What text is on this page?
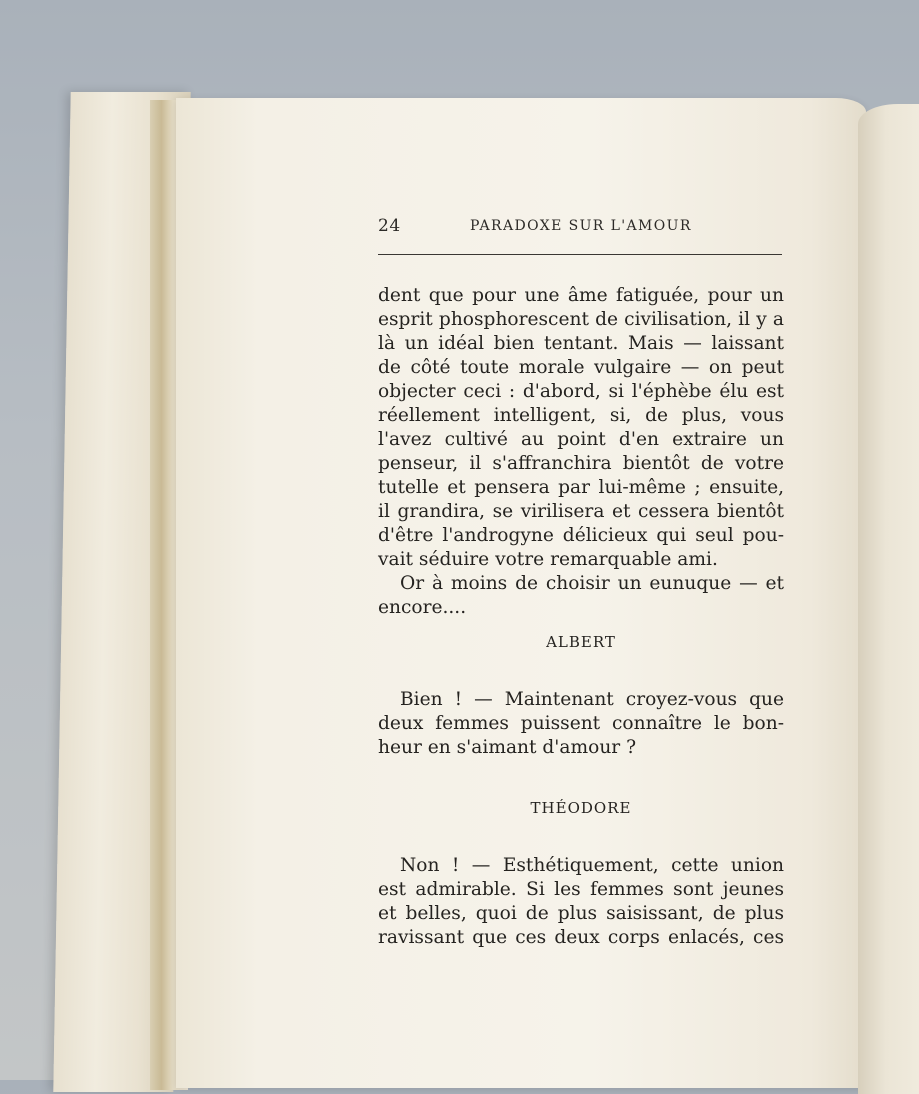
24	PARADOXE SUR L'AMOUR
dent que pour une âme fatiguée, pour un
esprit phosphorescent de civilisation, il y a
là un idéal bien tentant. Mais — laissant
de côté toute morale vulgaire — on peut
objecter ceci : d'abord, si l'éphèbe élu est
réellement intelligent, si, de plus, vous
l'avez cultivé au point d'en extraire un
penseur, il s'affranchira bientôt de votre
tutelle et pensera par lui-même ; ensuite,
il grandira, se virilisera et cessera bientôt
d'être l'androgyne délicieux qui seul pou-
vait séduire votre remarquable ami.
Or à moins de choisir un eunuque — et
encore....
ALBERT
Bien ! — Maintenant croyez-vous que
deux femmes puissent connaître le bon-
heur en s'aimant d'amour ?
THÉODORE
Non ! — Esthétiquement, cette union
est admirable. Si les femmes sont jeunes
et belles, quoi de plus saisissant, de plus
ravissant que ces deux corps enlacés, ces
